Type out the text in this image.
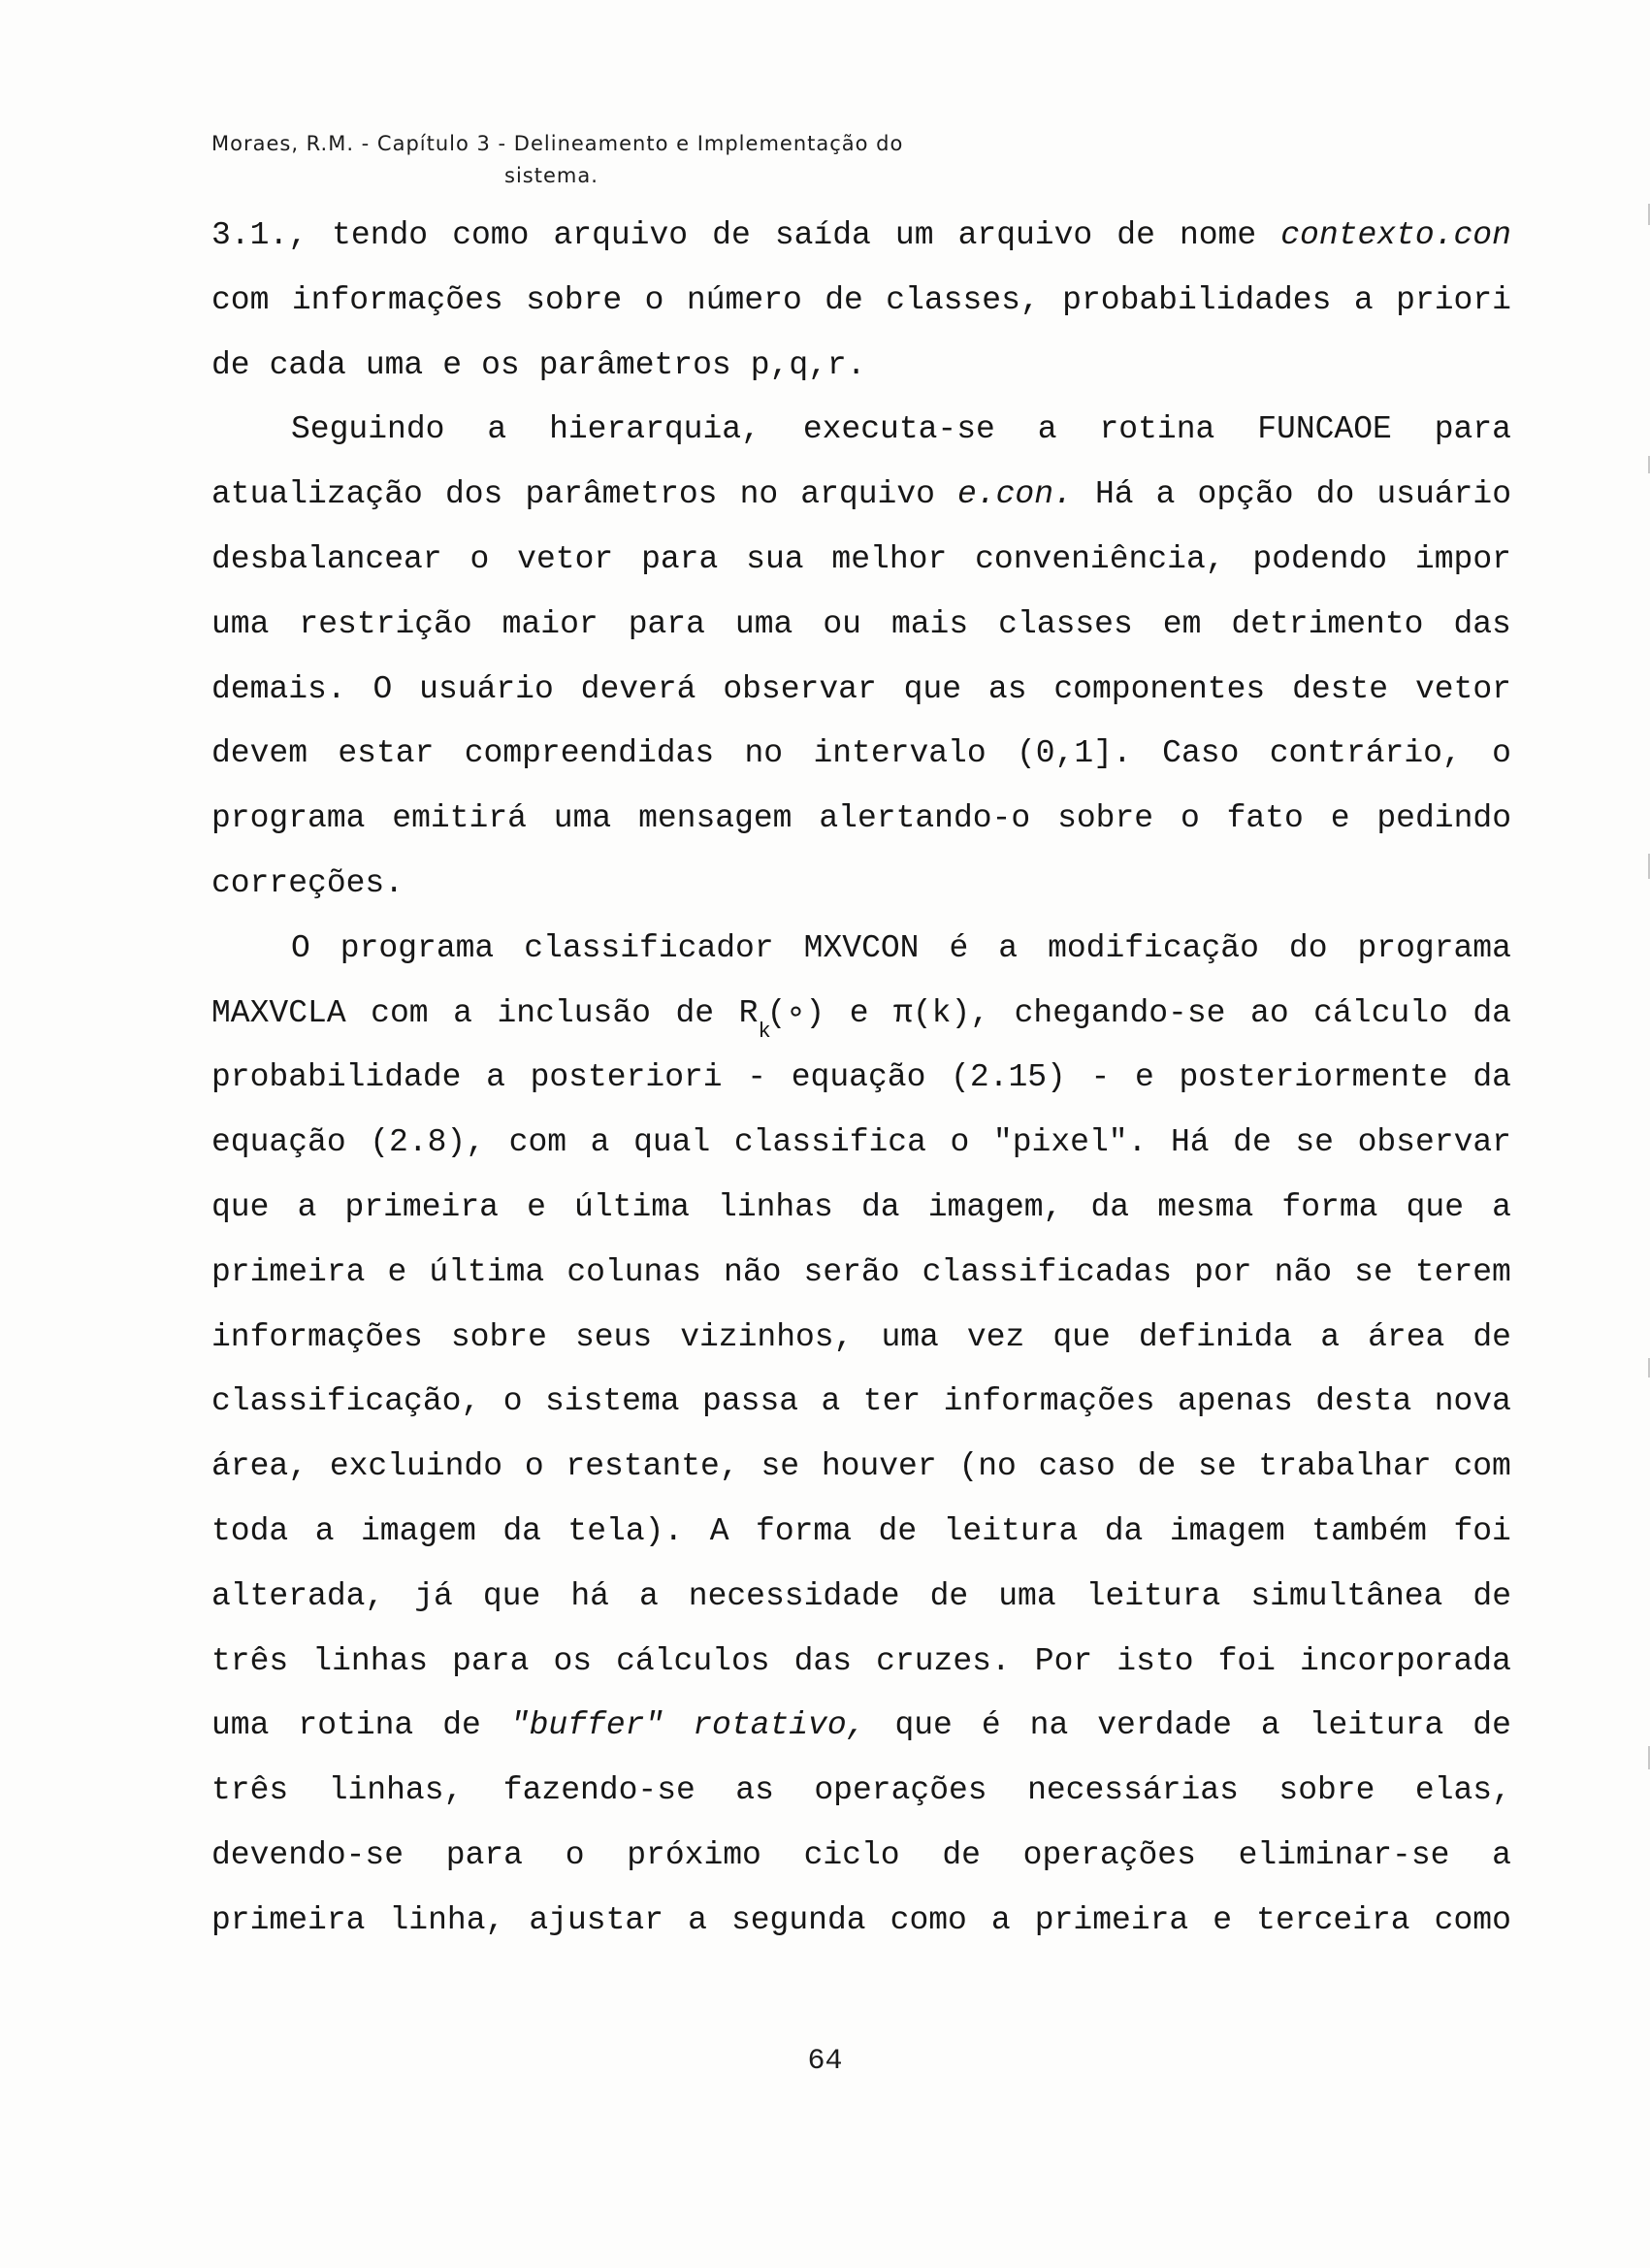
Moraes, R.M. - Capítulo 3 - Delineamento e Implementação do
sistema.
3.1., tendo como arquivo de saída um arquivo de nome contexto.con
com informações sobre o número de classes, probabilidades a priori
de cada uma e os parâmetros p,q,r.
Seguindo a hierarquia, executa-se a rotina FUNCAOE para
atualização dos parâmetros no arquivo e.con. Há a opção do usuário
desbalancear o vetor para sua melhor conveniência, podendo impor
uma restrição maior para uma ou mais classes em detrimento das
demais. O usuário deverá observar que as componentes deste vetor
devem estar compreendidas no intervalo (0,1]. Caso contrário, o
programa emitirá uma mensagem alertando-o sobre o fato e pedindo
correções.
O programa classificador MXVCON é a modificação do programa
MAXVCLA com a inclusão de $R_k(\circ)$ e π(k), chegando-se ao cálculo da
probabilidade a posteriori - equação (2.15) - e posteriormente da
equação (2.8), com a qual classifica o "pixel". Há de se observar
que a primeira e última linhas da imagem, da mesma forma que a
primeira e última colunas não serão classificadas por não se terem
informações sobre seus vizinhos, uma vez que definida a área de
classificação, o sistema passa a ter informações apenas desta nova
área, excluindo o restante, se houver (no caso de se trabalhar com
toda a imagem da tela). A forma de leitura da imagem também foi
alterada, já que há a necessidade de uma leitura simultânea de
três linhas para os cálculos das cruzes. Por isto foi incorporada
uma rotina de "buffer" rotativo, que é na verdade a leitura de
três linhas, fazendo-se as operações necessárias sobre elas,
devendo-se para o próximo ciclo de operações eliminar-se a
primeira linha, ajustar a segunda como a primeira e terceira como
64
